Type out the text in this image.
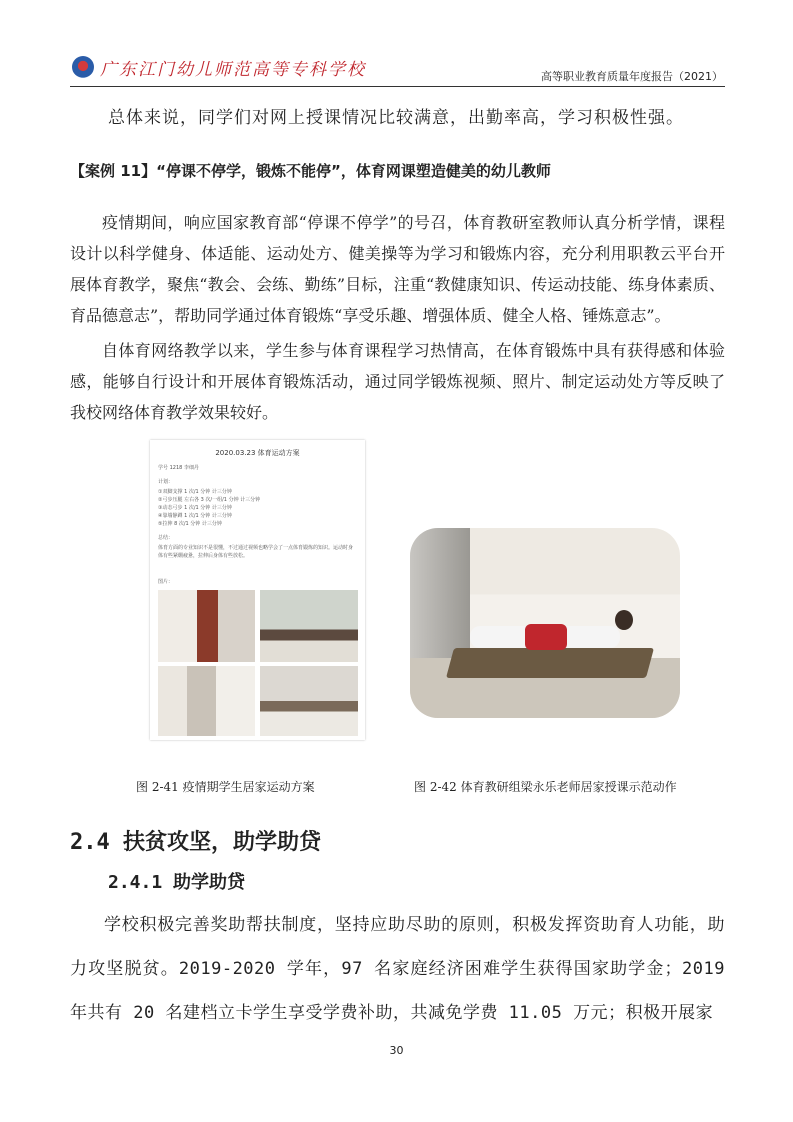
广东江门幼儿师范高等专科学校	高等职业教育质量年度报告（2021）
总体来说，同学们对网上授课情况比较满意，出勤率高，学习积极性强。
【案例 11】“停课不停学，锻炼不能停”，体育网课塑造健美的幼儿教师
疫情期间，响应国家教育部“停课不停学”的号召，体育教研室教师认真分析学情，课程设计以科学健身、体适能、运动处方、健美操等为学习和锻炼内容，充分利用职教云平台开展体育教学，聚焦“教会、会练、勤练”目标，注重“教健康知识、传运动技能、练身体素质、育品德意志”，帮助同学通过体育锻炼“享受乐趣、增强体质、健全人格、锤炼意志”。
自体育网络教学以来，学生参与体育课程学习热情高，在体育锻炼中具有获得感和体验感，能够自行设计和开展体育锻炼活动，通过同学锻炼视频、照片、制定运动处方等反映了我校网络体育教学效果较好。
2020.03.23 体育运动方案
学号 1218 李细丹
计划：
①双脚支撑 1 次/1 分钟 计三分钟
②弓步压腿 左右各 3 次/一组/1 分钟 计三分钟
③动态弓步 1 次/1 分钟 计三分钟
④靠墙静蹲 1 次/1 分钟 计三分钟
⑤拉伸 8 次/1 分钟 计三分钟
总结：
体育方面的专业知识不是很懂，不过通过视频也略学会了一点体育锻炼的知识。运动时身体有些紧绷疲惫，拉伸后身体有些放松。
图片：
图 2-41 疫情期学生居家运动方案	图 2-42 体育教研组梁永乐老师居家授课示范动作
2.4 扶贫攻坚，助学助贷
2.4.1 助学助贷
学校积极完善奖助帮扶制度，坚持应助尽助的原则，积极发挥资助育人功能，助力攻坚脱贫。2019-2020 学年，97 名家庭经济困难学生获得国家助学金；2019 年共有 20 名建档立卡学生享受学费补助，共减免学费 11.05 万元；积极开展家
30
